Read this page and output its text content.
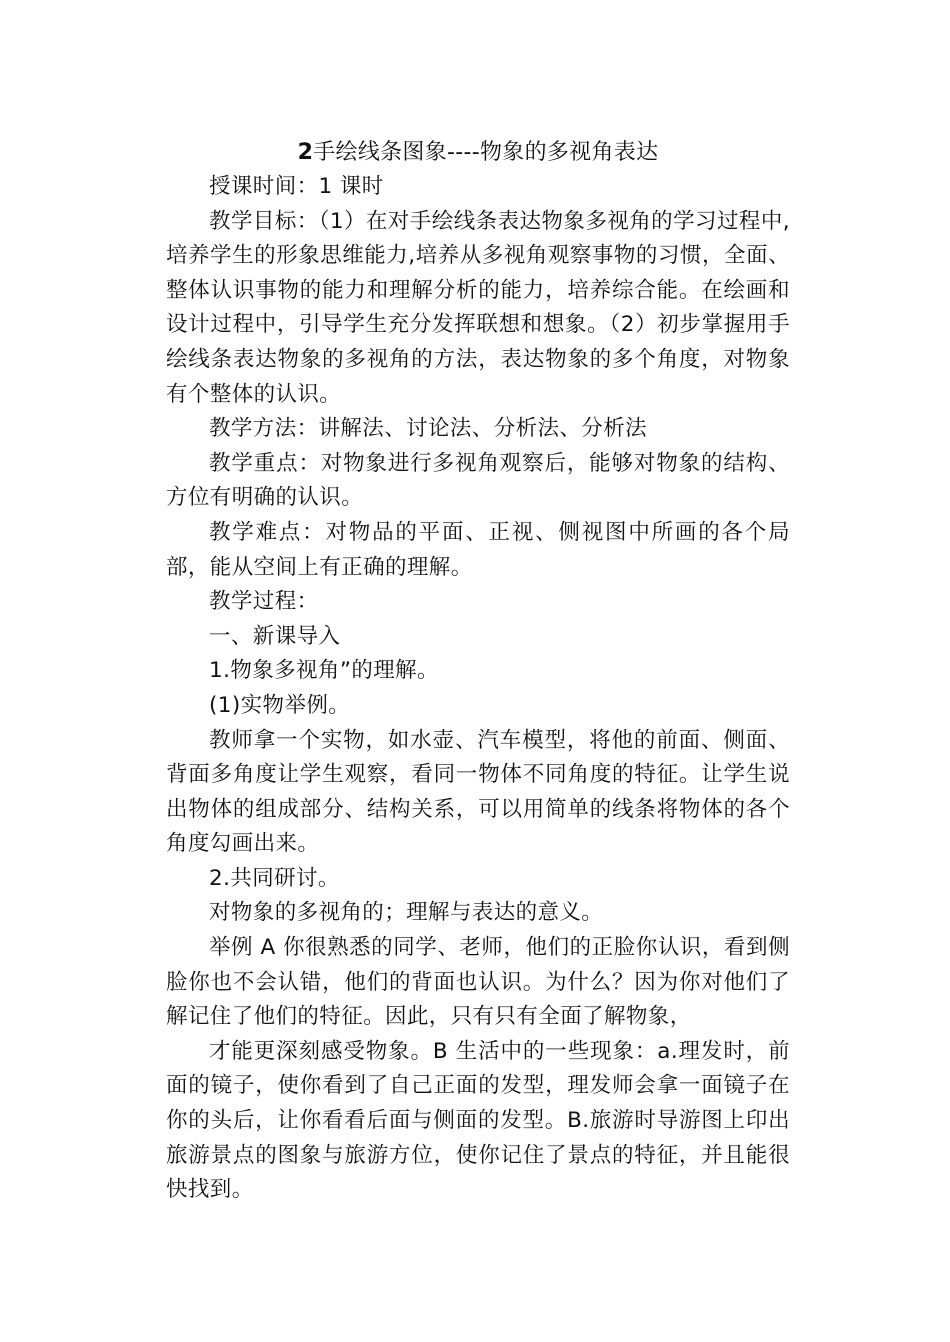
2手绘线条图象----物象的多视角表达

授课时间：1 课时

教学目标：（1）在对手绘线条表达物象多视角的学习过程中,培养学生的形象思维能力,培养从多视角观察事物的习惯，全面、整体认识事物的能力和理解分析的能力，培养综合能。在绘画和设计过程中，引导学生充分发挥联想和想象。（2）初步掌握用手绘线条表达物象的多视角的方法，表达物象的多个角度，对物象有个整体的认识。

教学方法：讲解法、讨论法、分析法、分析法

教学重点：对物象进行多视角观察后，能够对物象的结构、方位有明确的认识。

教学难点：对物品的平面、正视、侧视图中所画的各个局部，能从空间上有正确的理解。

教学过程：

一、新课导入

1.物象多视角”的理解。

(1)实物举例。

教师拿一个实物，如水壶、汽车模型，将他的前面、侧面、背面多角度让学生观察，看同一物体不同角度的特征。让学生说出物体的组成部分、结构关系，可以用简单的线条将物体的各个角度勾画出来。

2.共同研讨。

对物象的多视角的；理解与表达的意义。

举例 A 你很熟悉的同学、老师，他们的正脸你认识，看到侧脸你也不会认错，他们的背面也认识。为什么？因为你对他们了解记住了他们的特征。因此，只有只有全面了解物象，

才能更深刻感受物象。B 生活中的一些现象：a.理发时，前面的镜子，使你看到了自己正面的发型，理发师会拿一面镜子在你的头后，让你看看后面与侧面的发型。B.旅游时导游图上印出旅游景点的图象与旅游方位，使你记住了景点的特征，并且能很快找到。
